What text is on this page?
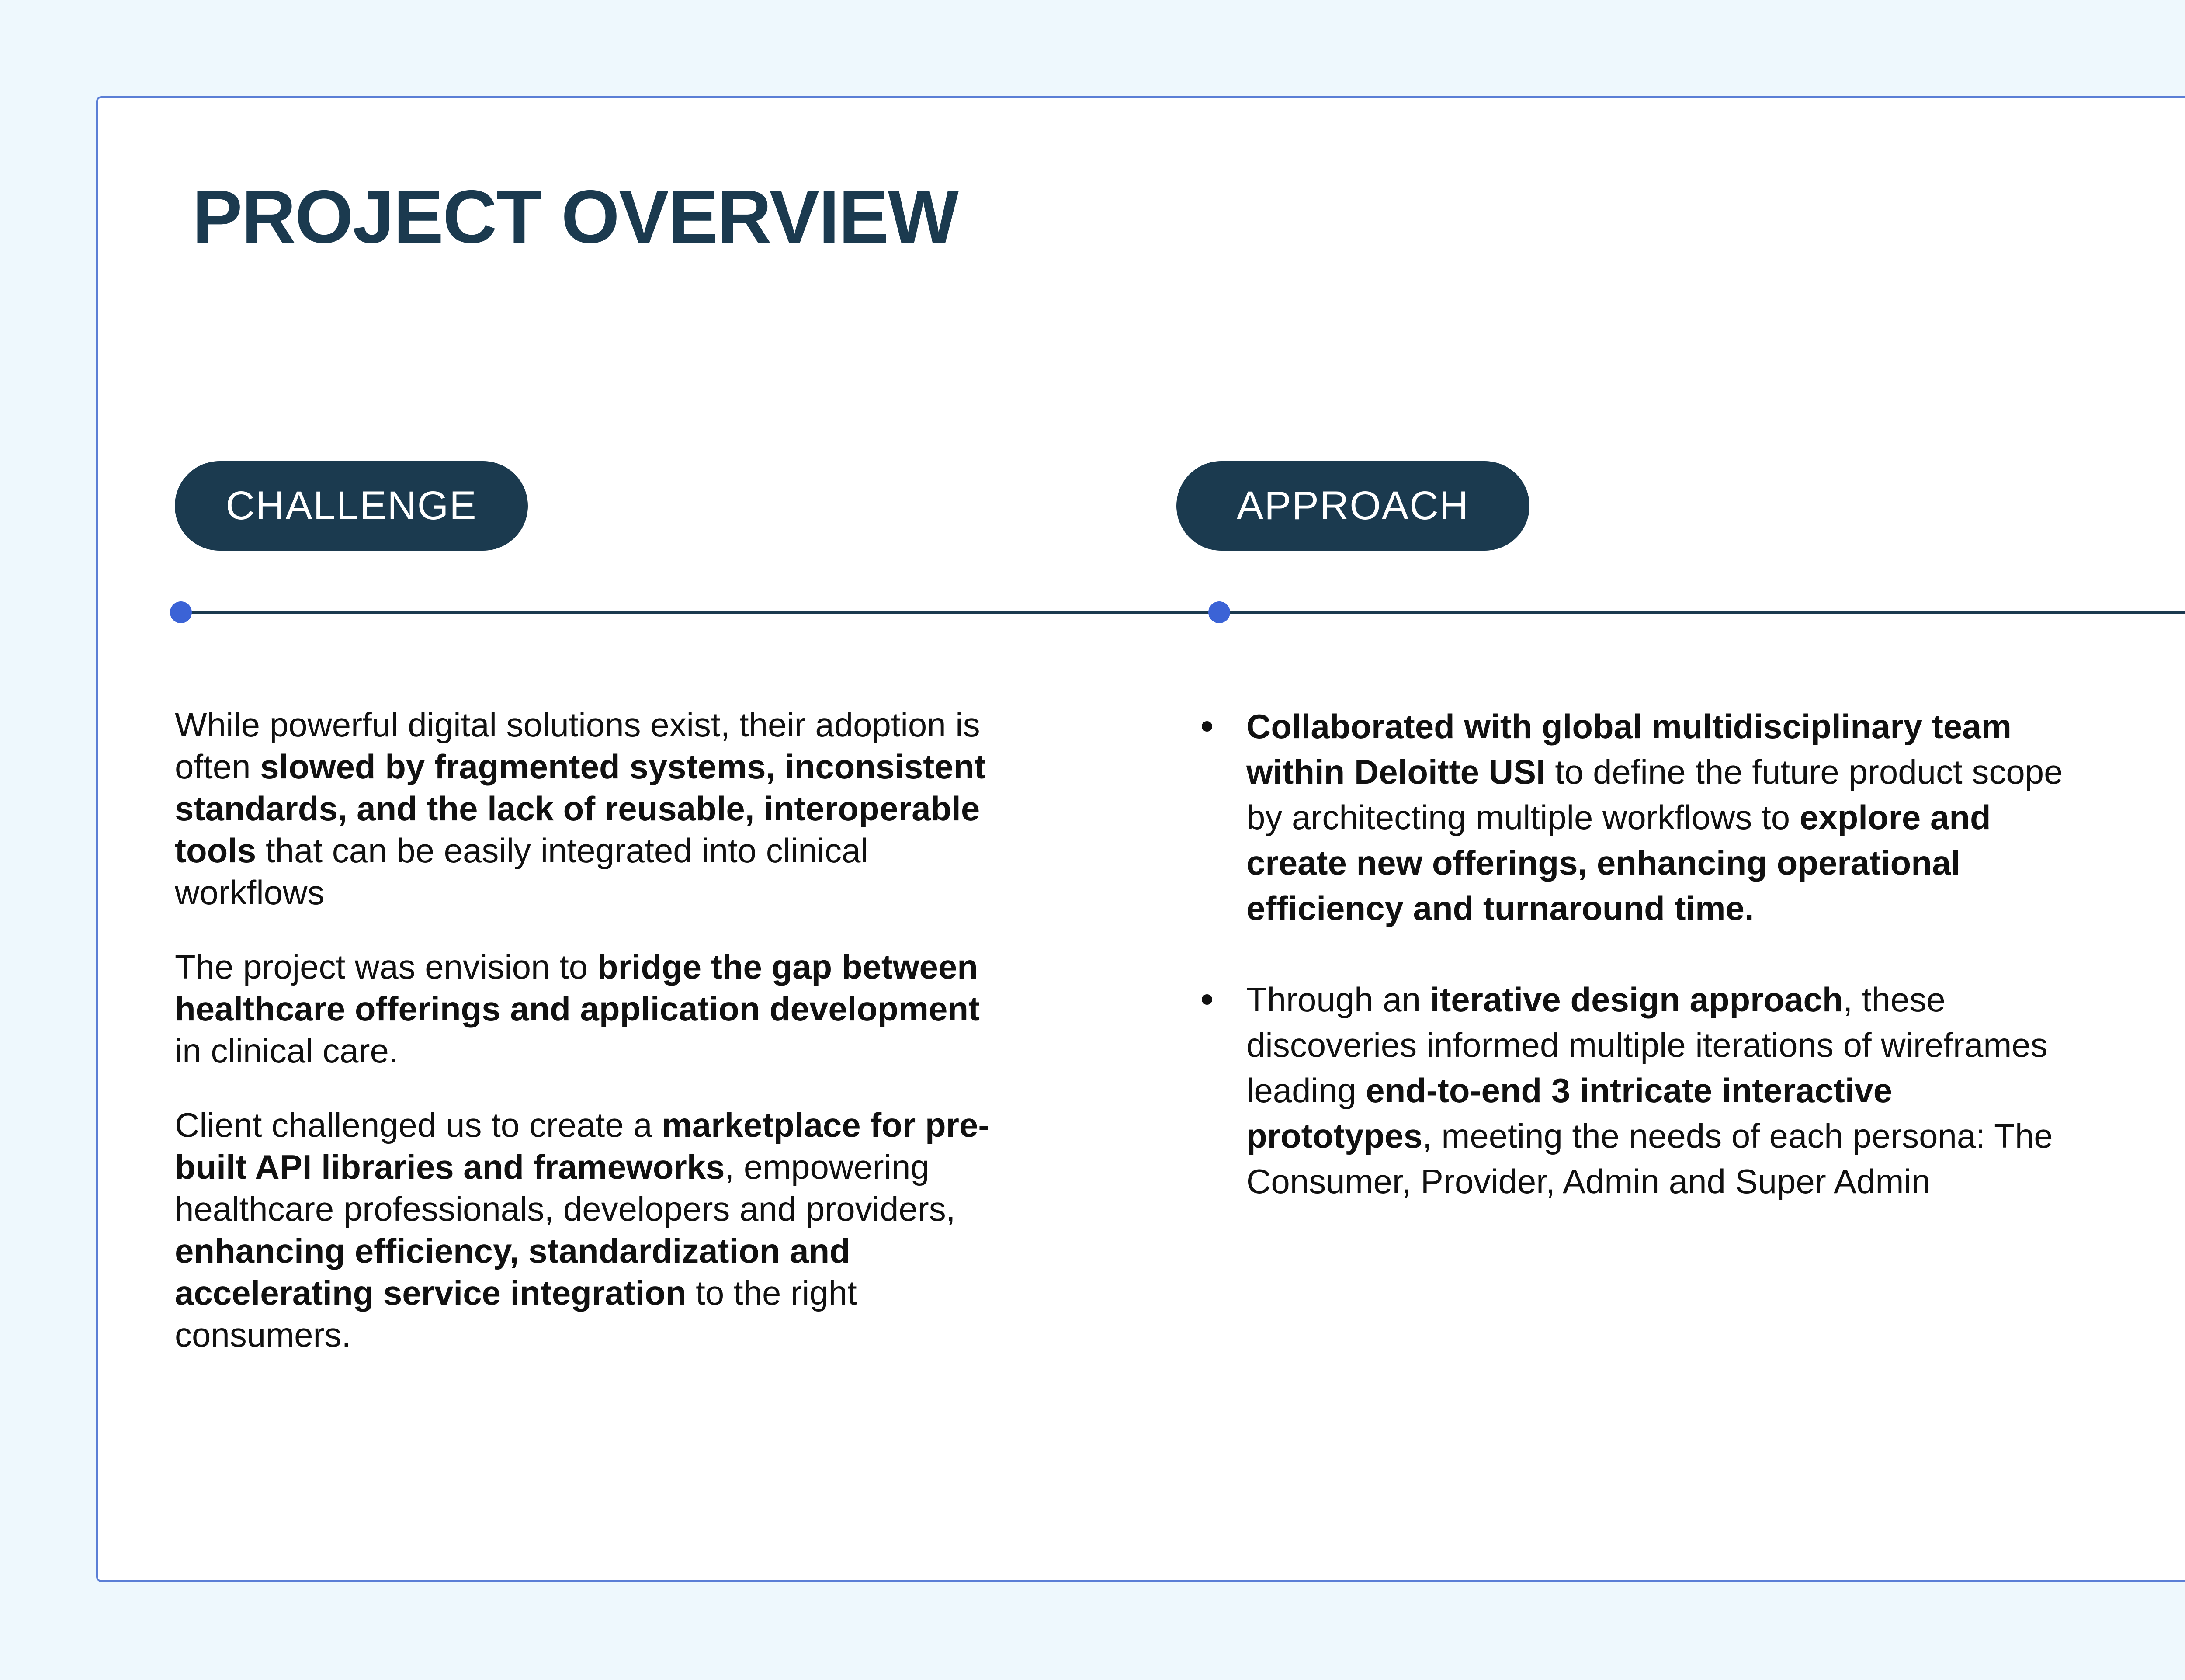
PROJECT OVERVIEW
CHALLENGE	APPROACH

While powerful digital solutions exist, their adoption is often slowed by fragmented systems, inconsistent standards, and the lack of reusable, interoperable tools that can be easily integrated into clinical workflows

The project was envision to bridge the gap between healthcare offerings and application development in clinical care.

Client challenged us to create a marketplace for pre-built API libraries and frameworks, empowering healthcare professionals, developers and providers, enhancing efficiency, standardization and accelerating service integration to the right consumers.

Collaborated with global multidisciplinary team within Deloitte USI to define the future product scope by architecting multiple workflows to explore and create new offerings, enhancing operational efficiency and turnaround time.
Through an iterative design approach, these discoveries informed multiple iterations of wireframes leading end-to-end 3 intricate interactive prototypes, meeting the needs of each persona: The Consumer, Provider, Admin and Super Admin
